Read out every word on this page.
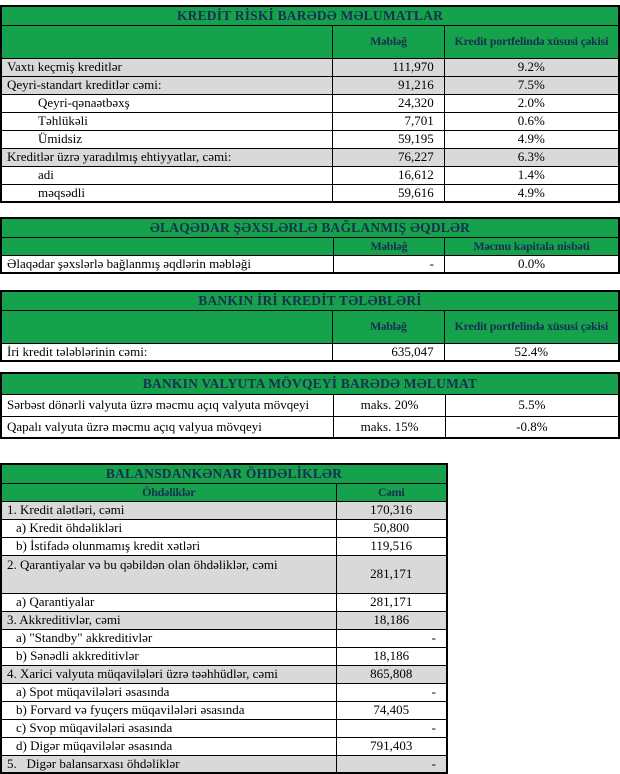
KREDİT RİSKİ BARƏDƏ MƏLUMATLAR		
	Məbləğ	Kredit portfelində xüsusi çəkisi
Vaxtı keçmiş kreditlər	111,970	9.2%
Qeyri-standart kreditlər cəmi:	91,216	7.5%
Qeyri-qənaətbəxş	24,320	2.0%
Təhlükəli	7,701	0.6%
Ümidsiz	59,195	4.9%
Kreditlər üzrə yaradılmış ehtiyyatlar, cəmi:	76,227	6.3%
adi	16,612	1.4%
məqsədli	59,616	4.9%
ƏLAQƏDAR ŞƏXSLƏRLƏ BAĞLANMIŞ ƏQDLƏR		
	Məbləğ	Məcmu kapitala nisbəti
Əlaqədar şəxslərlə bağlanmış əqdlərin məbləği	-	0.0%
BANKIN İRİ KREDİT TƏLƏBLƏRİ		
	Məbləğ	Kredit portfelində xüsusi çəkisi
İri kredit tələblərinin cəmi:	635,047	52.4%
BANKIN VALYUTA MÖVQEYİ BARƏDƏ MƏLUMAT		
Sərbəst dönərli valyuta üzrə məcmu açıq valyuta mövqeyi	maks. 20%	5.5%
Qapalı valyuta üzrə məcmu açıq valyua mövqeyi	maks. 15%	-0.8%
BALANSDANKƏNAR ÖHDƏLİKLƏR	
Öhdəliklər	Cəmi
1. Kredit alətləri, cəmi	170,316
a) Kredit öhdəlikləri	50,800
b) İstifadə olunmamış kredit xətləri	119,516
2. Qarantiyalar və bu qəbildən olan öhdəliklər, cəmi	281,171
a) Qarantiyalar	281,171
3. Akkreditivlər, cəmi	18,186
a) "Standby" akkreditivlər	-
b) Sənədli akkreditivlər	18,186
4. Xarici valyuta müqavilələri üzrə təəhhüdlər, cəmi	865,808
a) Spot müqavilələri əsasında	-
b) Forvard və fyuçers müqavilələri əsasında	74,405
c) Svop müqavilələri əsasında	-
d) Digər müqavilələr əsasında	791,403
5.   Digər balansarxası öhdəliklər	-
